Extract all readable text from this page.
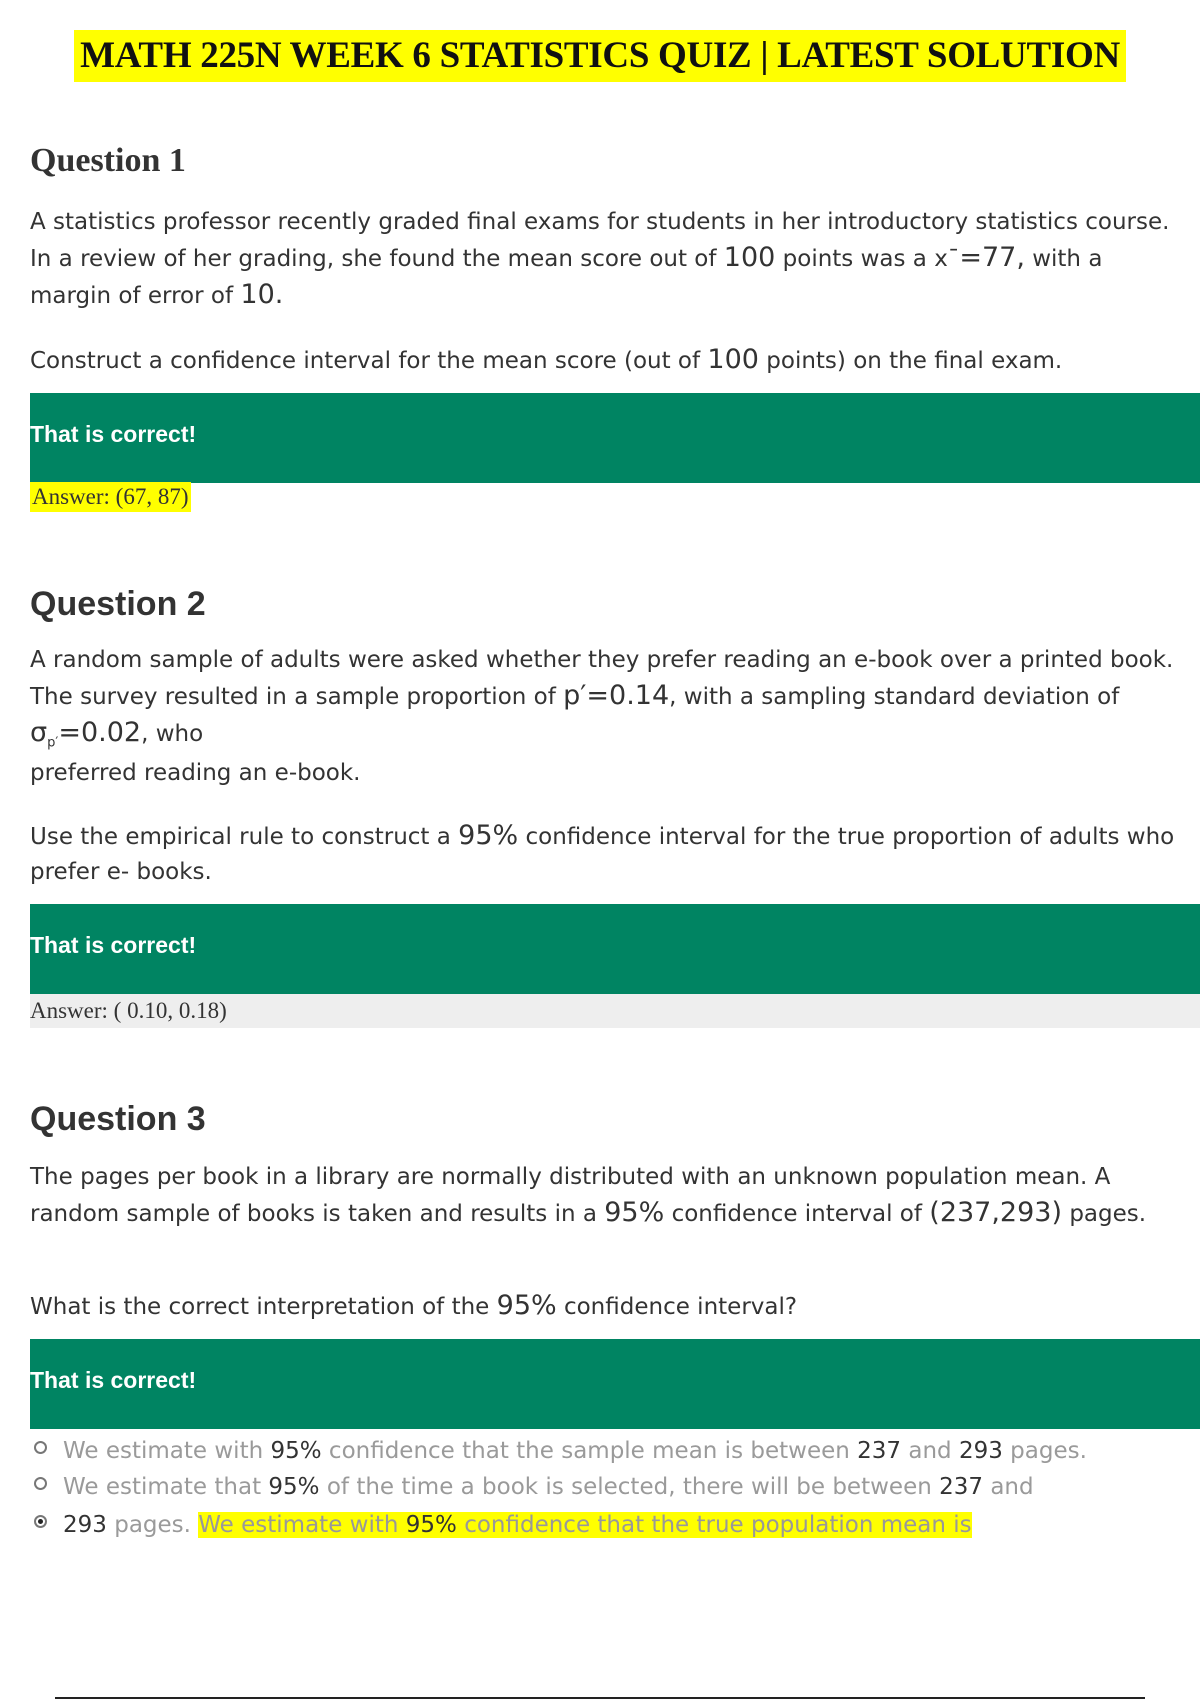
MATH 225N WEEK 6 STATISTICS QUIZ | LATEST SOLUTION
Question 1

A statistics professor recently graded final exams for students in her introductory statistics course. In a review of her grading, she found the mean score out of 100 points was a x¯=77, with a margin of error of 10.

Construct a confidence interval for the mean score (out of 100 points) on the final exam.

That is correct!
Answer: (67, 87)
Question 2

A random sample of adults were asked whether they prefer reading an e-book over a printed book. The survey resulted in a sample proportion of p′=0.14, with a sampling standard deviation of $\sigma_{p'}=0.02$, who

preferred reading an e-book.

Use the empirical rule to construct a 95% confidence interval for the true proportion of adults who prefer e- books.

That is correct!
Answer: ( 0.10, 0.18)
Question 3

The pages per book in a library are normally distributed with an unknown population mean. A random sample of books is taken and results in a 95% confidence interval of (237,293) pages.

What is the correct interpretation of the 95% confidence interval?

That is correct!
We estimate with 95% confidence that the sample mean is between 237 and 293 pages.
We estimate that 95% of the time a book is selected, there will be between 237 and
293 pages. We estimate with 95% confidence that the true population mean is
